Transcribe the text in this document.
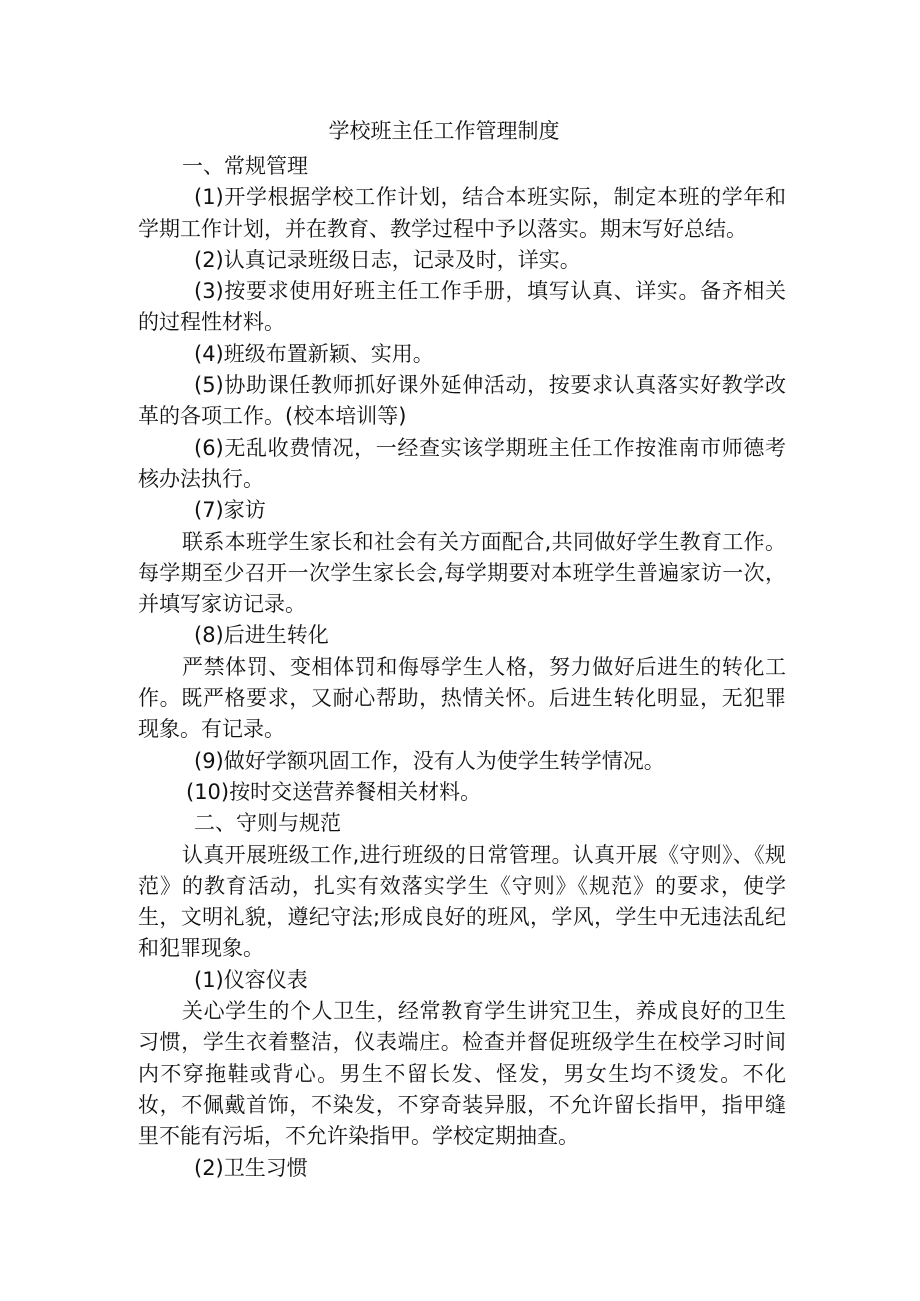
学校班主任工作管理制度

一、常规管理

(1)开学根据学校工作计划，结合本班实际，制定本班的学年和学期工作计划，并在教育、教学过程中予以落实。期末写好总结。

(2)认真记录班级日志，记录及时，详实。

(3)按要求使用好班主任工作手册，填写认真、详实。备齐相关的过程性材料。

(4)班级布置新颖、实用。

(5)协助课任教师抓好课外延伸活动，按要求认真落实好教学改革的各项工作。(校本培训等)

(6)无乱收费情况，一经查实该学期班主任工作按淮南市师德考核办法执行。

(7)家访

联系本班学生家长和社会有关方面配合,共同做好学生教育工作。每学期至少召开一次学生家长会,每学期要对本班学生普遍家访一次，并填写家访记录。

(8)后进生转化

严禁体罚、变相体罚和侮辱学生人格，努力做好后进生的转化工作。既严格要求，又耐心帮助，热情关怀。后进生转化明显，无犯罪现象。有记录。

(9)做好学额巩固工作，没有人为使学生转学情况。

(10)按时交送营养餐相关材料。

二、守则与规范

认真开展班级工作,进行班级的日常管理。认真开展《守则》、《规范》的教育活动，扎实有效落实学生《守则》《规范》的要求，使学生，文明礼貌，遵纪守法;形成良好的班风，学风，学生中无违法乱纪和犯罪现象。

(1)仪容仪表

关心学生的个人卫生，经常教育学生讲究卫生，养成良好的卫生习惯，学生衣着整洁，仪表端庄。检查并督促班级学生在校学习时间内不穿拖鞋或背心。男生不留长发、怪发，男女生均不烫发。不化妆，不佩戴首饰，不染发，不穿奇装异服，不允许留长指甲，指甲缝里不能有污垢，不允许染指甲。学校定期抽查。

(2)卫生习惯
